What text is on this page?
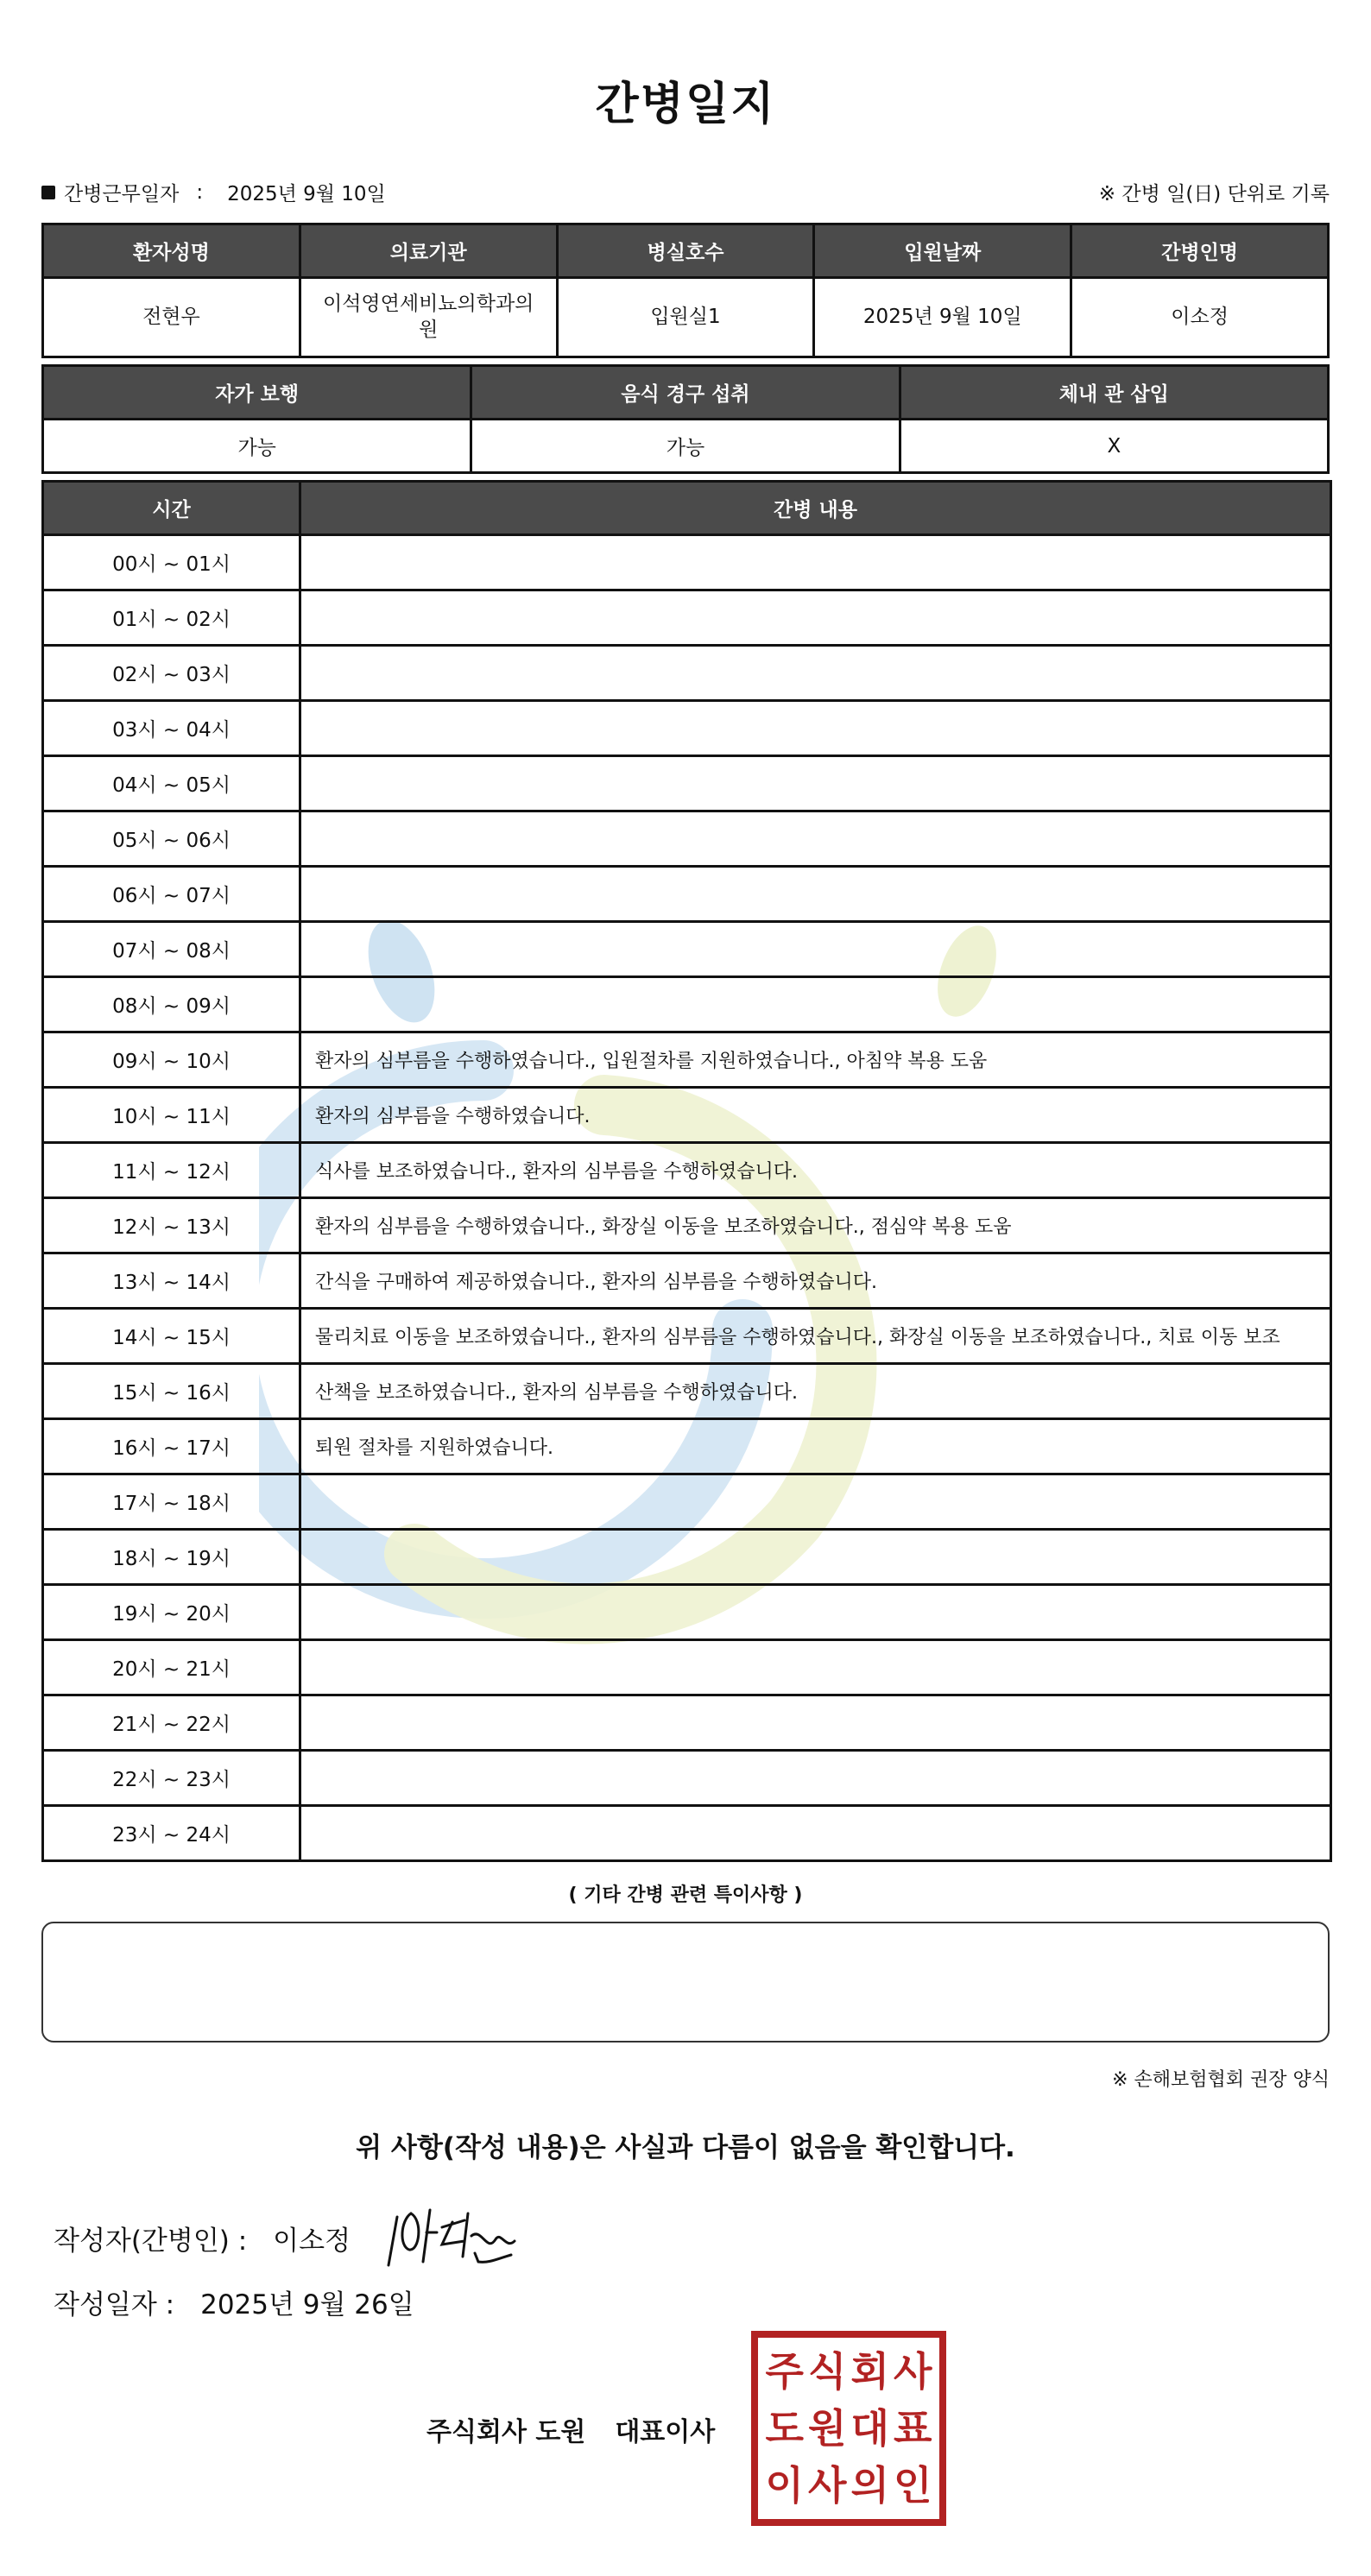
간병일지
간병근무일자 : 2025년 9월 10일	※ 간병 일(日) 단위로 기록
환자성명	의료기관	병실호수	입원날짜	간병인명
전현우	이석영연세비뇨의학과의원	입원실1	2025년 9월 10일	이소정
자가 보행	음식 경구 섭취	체내 관 삽입
가능	가능	X
시간	간병 내용
00시 ~ 01시	
01시 ~ 02시	
02시 ~ 03시	
03시 ~ 04시	
04시 ~ 05시	
05시 ~ 06시	
06시 ~ 07시	
07시 ~ 08시	
08시 ~ 09시	
09시 ~ 10시	환자의 심부름을 수행하였습니다., 입원절차를 지원하였습니다., 아침약 복용 도움
10시 ~ 11시	환자의 심부름을 수행하였습니다.
11시 ~ 12시	식사를 보조하였습니다., 환자의 심부름을 수행하였습니다.
12시 ~ 13시	환자의 심부름을 수행하였습니다., 화장실 이동을 보조하였습니다., 점심약 복용 도움
13시 ~ 14시	간식을 구매하여 제공하였습니다., 환자의 심부름을 수행하였습니다.
14시 ~ 15시	물리치료 이동을 보조하였습니다., 환자의 심부름을 수행하였습니다., 화장실 이동을 보조하였습니다., 치료 이동 보조
15시 ~ 16시	산책을 보조하였습니다., 환자의 심부름을 수행하였습니다.
16시 ~ 17시	퇴원 절차를 지원하였습니다.
17시 ~ 18시	
18시 ~ 19시	
19시 ~ 20시	
20시 ~ 21시	
21시 ~ 22시	
22시 ~ 23시	
23시 ~ 24시	
( 기타 간병 관련 특이사항 )
※ 손해보험협회 권장 양식
위 사항(작성 내용)은 사실과 다름이 없음을 확인합니다.
작성자(간병인) : 이소정
작성일자 : 2025년 9월 26일
주식회사 도원 대표이사
주 식 회 사
도 원 대 표
이 사 의 인
